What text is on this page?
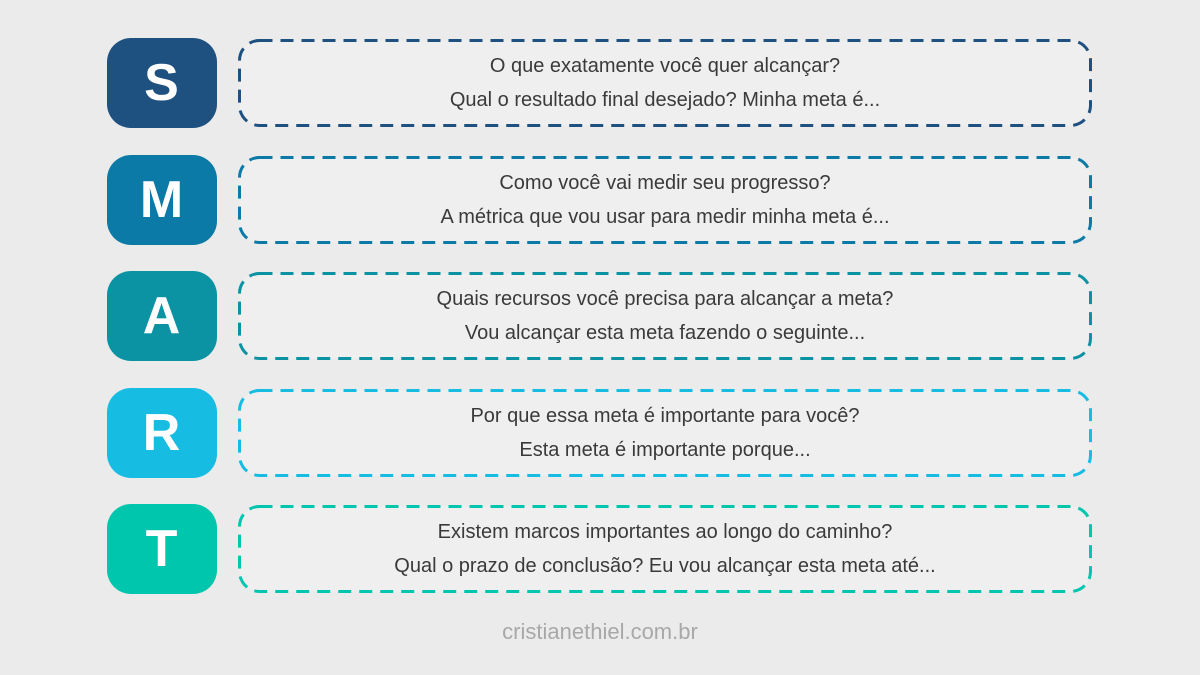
S	O que exatamente você quer alcançar?
Qual o resultado final desejado? Minha meta é...
M	Como você vai medir seu progresso?
A métrica que vou usar para medir minha meta é...
A	Quais recursos você precisa para alcançar a meta?
Vou alcançar esta meta fazendo o seguinte...
R	Por que essa meta é importante para você?
Esta meta é importante porque...
T	Existem marcos importantes ao longo do caminho?
Qual o prazo de conclusão? Eu vou alcançar esta meta até...
cristianethiel.com.br
